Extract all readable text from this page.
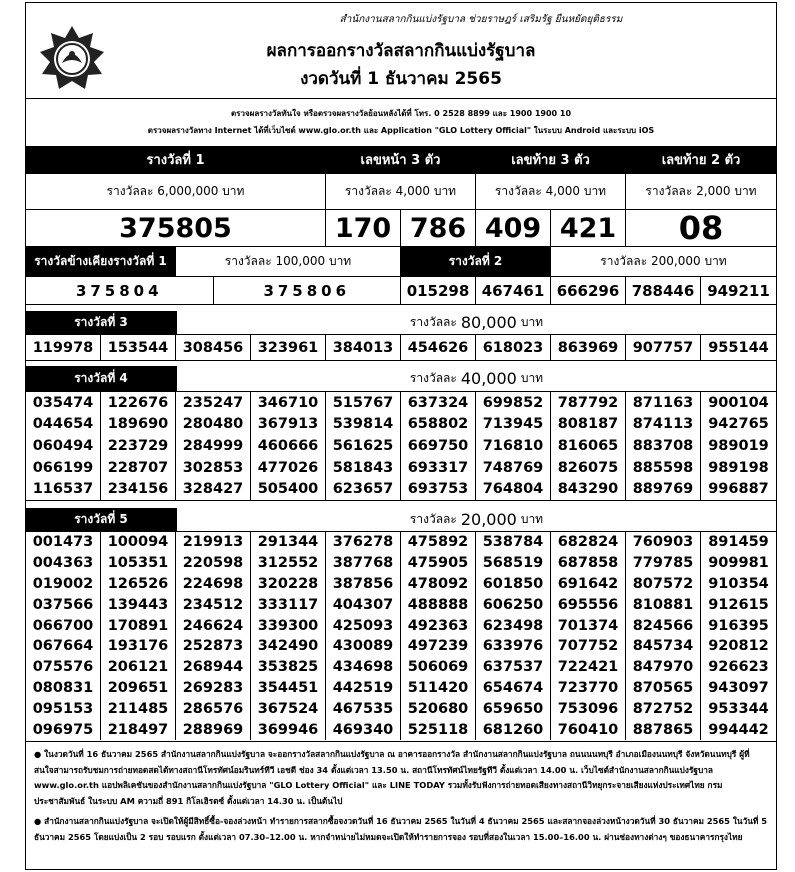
สำนักงานสลากกินแบ่งรัฐบาล ช่วยราษฎร์ เสริมรัฐ ยืนหยัดยุติธรรม
ผลการออกรางวัลสลากกินแบ่งรัฐบาล
งวดวันที่ 1 ธันวาคม 2565
ตรวจผลรางวัลทันใจ หรือตรวจผลรางวัลย้อนหลังได้ที่ โทร. 0 2528 8899 และ 1900 1900 10
ตรวจผลรางวัลทาง Internet ได้ที่เว็บไซต์ www.glo.or.th และ Application "GLO Lottery Official" ในระบบ Android และระบบ iOS
รางวัลที่ 1	เลขหน้า 3 ตัว	เลขท้าย 3 ตัว	เลขท้าย 2 ตัว
รางวัลละ 6,000,000 บาท	รางวัลละ 4,000 บาท	รางวัลละ 4,000 บาท	รางวัลละ 2,000 บาท
375805	170 786 409 421	08
รางวัลข้างเคียงรางวัลที่ 1	รางวัลละ 100,000 บาท	รางวัลที่ 2	รางวัลละ 200,000 บาท
375804	375806	015298 467461 666296 788446 949211
รางวัลที่ 3	รางวัลละ 80,000 บาท
119978 153544 308456 323961 384013 454626 618023 863969 907757	955144
รางวัลที่ 4	รางวัลละ 40,000 บาท
035474 122676 235247 346710 515767 637324 699852 787792 871163	900104
044654 189690 280480 367913 539814 658802 713945 808187 874113	942765
060494 223729 284999 460666 561625 669750 716810 816065 883708	989019
066199 228707 302853 477026 581843 693317 748769 826075 885598	989198
116537 234156 328427 505400 623657 693753 764804 843290 889769	996887
รางวัลที่ 5	รางวัลละ 20,000 บาท
001473 100094 219913 291344 376278 475892 538784 682824 760903	891459
004363 105351 220598 312552 387768 475905 568519 687858 779785	909981
019002 126526 224698 320228 387856 478092 601850 691642 807572	910354
037566 139443 234512 333117 404307 488888 606250 695556 810881	912615
066700 170891 246624 339300 425093 492363 623498 701374 824566	916395
067664 193176 252873 342490 430089 497239 633976 707752 845734	920812
075576 206121 268944 353825 434698 506069 637537 722421 847970	926623
080831 209651 269283 354451 442519 511420 654674 723770 870565	943097
095153 211485 286576 367524 467535 520680 659650 753096 872752	953344
096975 218497 288969 369946 469340 525118 681260 760410 887865	994442

● ในงวดวันที่ 16 ธันวาคม 2565 สำนักงานสลากกินแบ่งรัฐบาล จะออกรางวัลสลากกินแบ่งรัฐบาล ณ อาคารออกรางวัล สำนักงานสลากกินแบ่งรัฐบาล ถนนนนทบุรี อำเภอเมืองนนทบุรี จังหวัดนนทบุรี ผู้ที่สนใจสามารถรับชมการถ่ายทอดสดได้ทางสถานีโทรทัศน์อมรินทร์ทีวี เอชดี ช่อง 34 ตั้งแต่เวลา 13.50 น. สถานีโทรทัศน์ไทยรัฐทีวี ตั้งแต่เวลา 14.00 น. เว็บไซต์สำนักงานสลากกินแบ่งรัฐบาล www.glo.or.th แอปพลิเคชันของสำนักงานสลากกินแบ่งรัฐบาล "GLO Lottery Official" และ LINE TODAY รวมทั้งรับฟังการถ่ายทอดเสียงทางสถานีวิทยุกระจายเสียงแห่งประเทศไทย กรมประชาสัมพันธ์ ในระบบ AM ความถี่ 891 กิโลเฮิรตซ์ ตั้งแต่เวลา 14.30 น. เป็นต้นไป

● สำนักงานสลากกินแบ่งรัฐบาล จะเปิดให้ผู้มีสิทธิ์ซื้อ-จองล่วงหน้า ทำรายการสลากซื้อจงวดวันที่ 16 ธันวาคม 2565 ในวันที่ 4 ธันวาคม 2565 และสลากจองล่วงหน้างวดวันที่ 30 ธันวาคม 2565 ในวันที่ 5 ธันวาคม 2565 โดยแบ่งเป็น 2 รอบ รอบแรก ตั้งแต่เวลา 07.30–12.00 น. หากจำหน่ายไม่หมดจะเปิดให้ทำรายการจอง รอบที่สองในเวลา 15.00–16.00 น. ผ่านช่องทางต่างๆ ของธนาคารกรุงไทย
